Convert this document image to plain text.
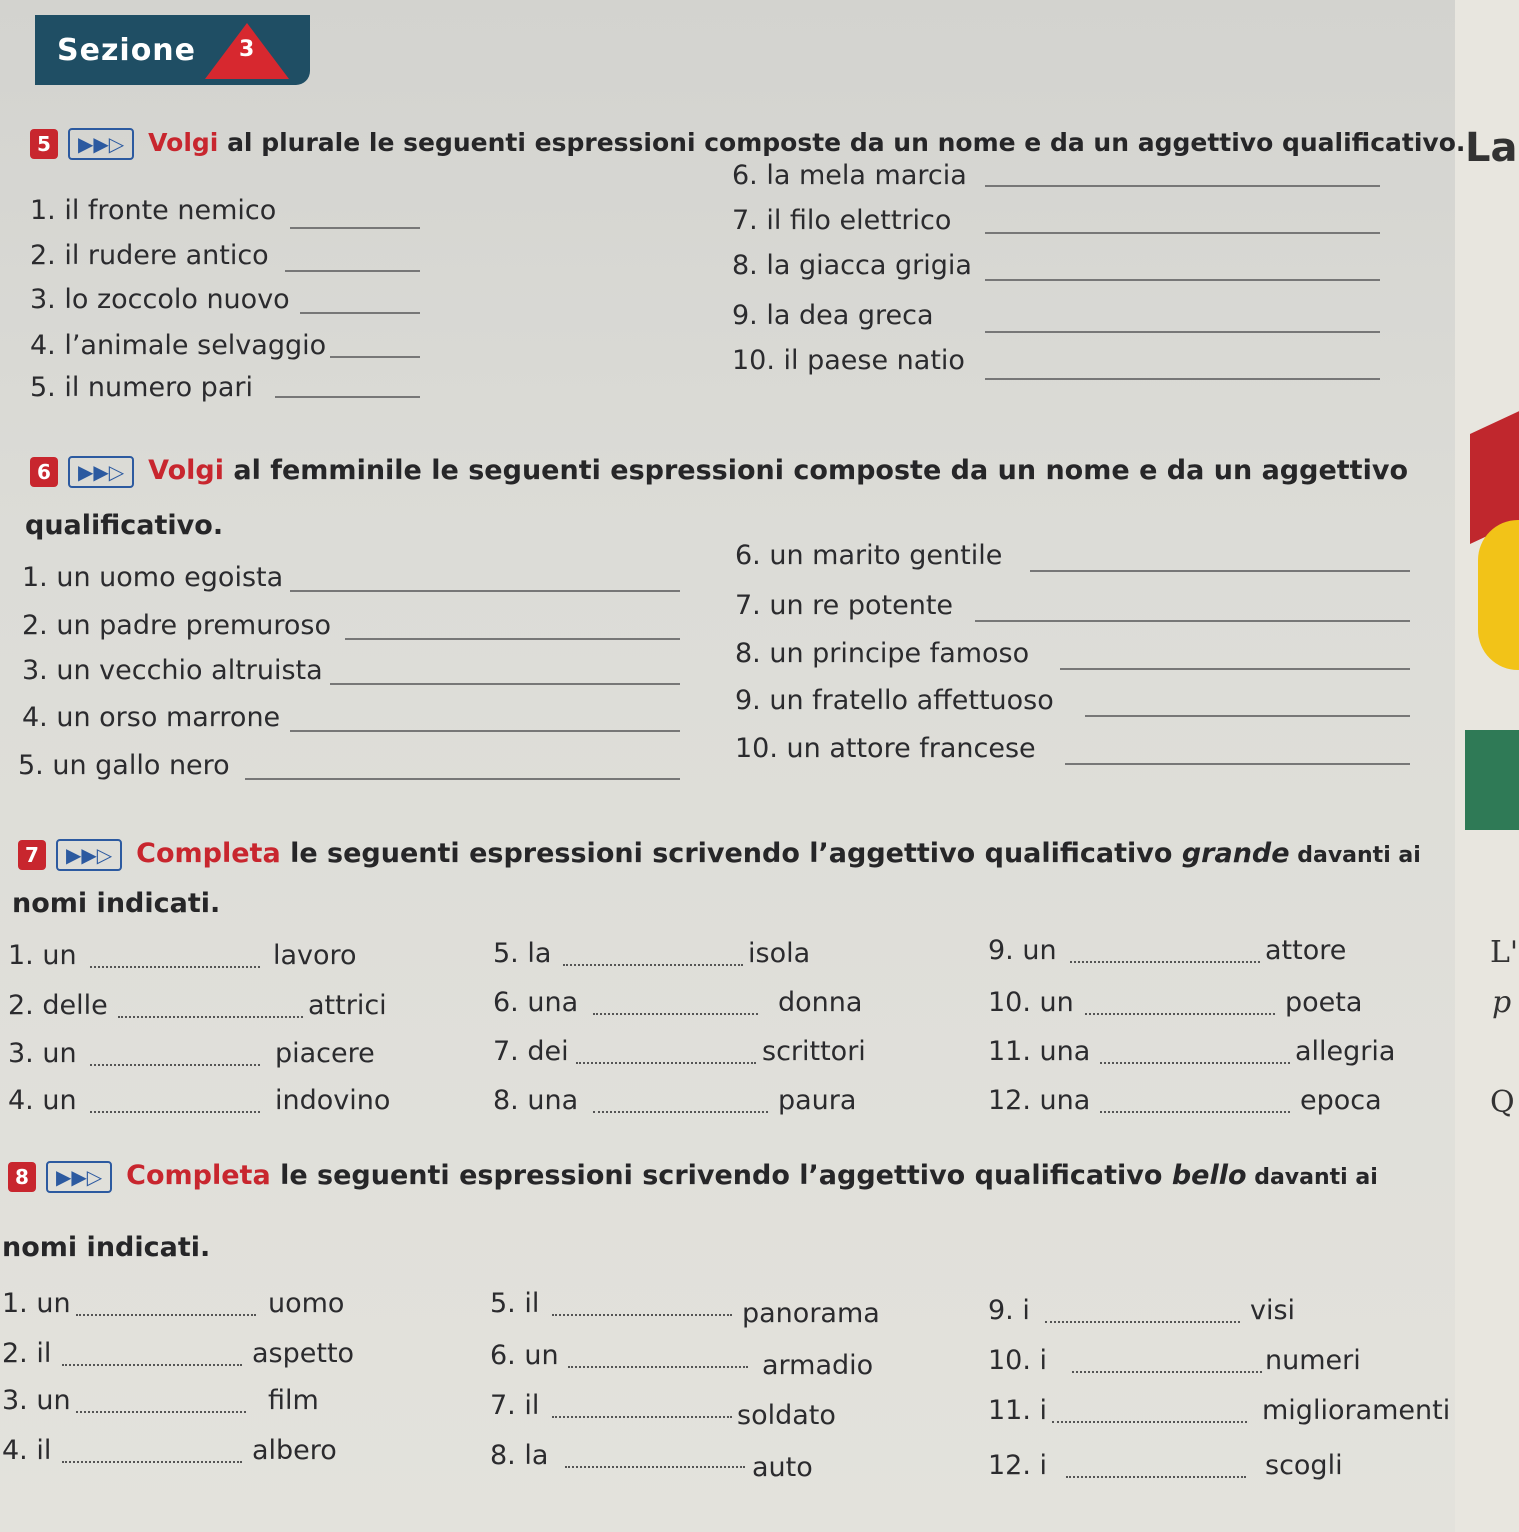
La
L'
p
Q
Sezione 3
5 ▶▶▷ Volgi al plurale le seguenti espressioni composte da un nome e da un aggettivo qualificativo.
1. il fronte nemico
2. il rudere antico
3. lo zoccolo nuovo
4. l’animale selvaggio
5. il numero pari
6. la mela marcia
7. il filo elettrico
8. la giacca grigia
9. la dea greca
10. il paese natio
6 ▶▶▷ Volgi al femminile le seguenti espressioni composte da un nome e da un aggettivo
qualificativo.
1. un uomo egoista
2. un padre premuroso
3. un vecchio altruista
4. un orso marrone
5. un gallo nero
6. un marito gentile
7. un re potente
8. un principe famoso
9. un fratello affettuoso
10. un attore francese
7 ▶▶▷ Completa le seguenti espressioni scrivendo l’aggettivo qualificativo grande davanti ai
nomi indicati.
1. un	lavoro
2. delle	attrici
3. un	piacere
4. un	indovino
5. la	isola
6. una	donna
7. dei	scrittori
8. una	paura
9. un	attore
10. un	poeta
11. una	allegria
12. una	epoca
8 ▶▶▷ Completa le seguenti espressioni scrivendo l’aggettivo qualificativo bello davanti ai
nomi indicati.
1. un	uomo
2. il	aspetto
3. un	film
4. il	albero
5. il	panorama
6. un	armadio
7. il	soldato
8. la	auto
9. i	visi
10. i	numeri
11. i	miglioramenti
12. i	scogli
